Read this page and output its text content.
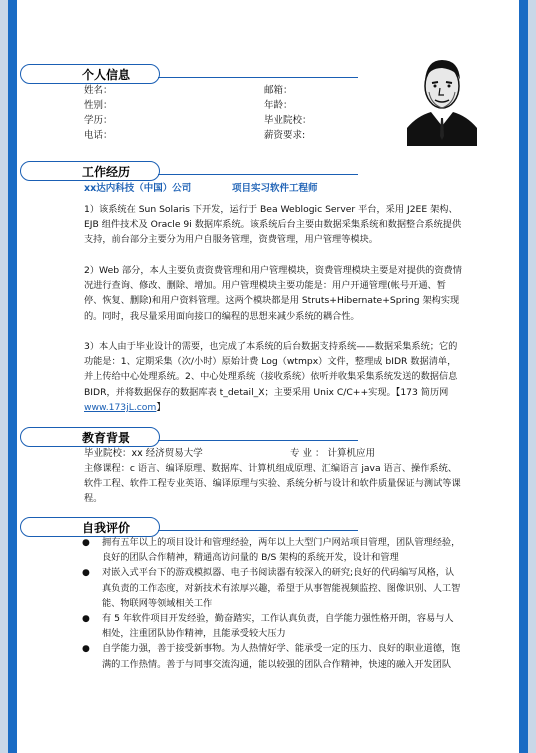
个人信息
姓名：	邮箱：
性别：	年龄：
学历：	毕业院校：
电话：	薪资要求:
工作经历
xx达内科技（中国）公司	项目实习软件工程师
1）该系统在 Sun Solaris 下开发，运行于 Bea Weblogic Server 平台，采用 J2EE 架构、EJB 组件技术及 Oracle 9i 数据库系统。该系统后台主要由数据采集系统和数据整合系统提供支持，前台部分主要分为用户自服务管理，资费管理，用户管理等模块。
2）Web 部分，本人主要负责资费管理和用户管理模块，资费管理模块主要是对提供的资费情况进行查询、修改、删除、增加。用户管理模块主要功能是：用户开通管理(帐号开通、暂停、恢复、删除)和用户资料管理。这两个模块都是用 Struts+Hibernate+Spring 架构实现的。同时，我尽量采用面向接口的编程的思想来减少系统的耦合性。
3）本人由于毕业设计的需要，也完成了本系统的后台数据支持系统——数据采集系统；它的功能是：1、定期采集（次/小时）原始计费 Log（wtmpx）文件，整理成 bIDR 数据清单，并上传给中心处理系统。2、中心处理系统（接收系统）依听并收集采集系统发送的数据信息 BIDR，并将数据保存的数据库表 t_detail_X；主要采用 Unix C/C++实现。【173 简历网 www.173jL.com】
教育背景
毕业院校：xx 经济贸易大学	专 业 ： 计算机应用
主修课程：c 语言、编译原理、数据库、计算机组成原理、汇编语言 java 语言、操作系统、软件工程、软件工程专业英语、编译原理与实验、系统分析与设计和软件质量保证与测试等课程。
自我评价
● 拥有五年以上的项目设计和管理经验，两年以上大型门户网站项目管理，团队管理经验，良好的团队合作精神，精通高访问量的 B/S 架构的系统开发，设计和管理
● 对嵌入式平台下的游戏模拟器、电子书阅读器有较深入的研究;良好的代码编写风格，认真负责的工作态度，对新技术有浓厚兴趣，希望于从事智能视频监控、图像识别、人工智能、物联网等领域相关工作
● 有 5 年软件项目开发经验，勤奋踏实，工作认真负责，自学能力强性格开朗，容易与人相处，注重团队协作精神，且能承受较大压力
● 自学能力强，善于接受新事物。为人热情好学、能承受一定的压力、良好的职业道德，饱满的工作热情。善于与同事交流沟通，能以较强的团队合作精神，快速的融入开发团队
